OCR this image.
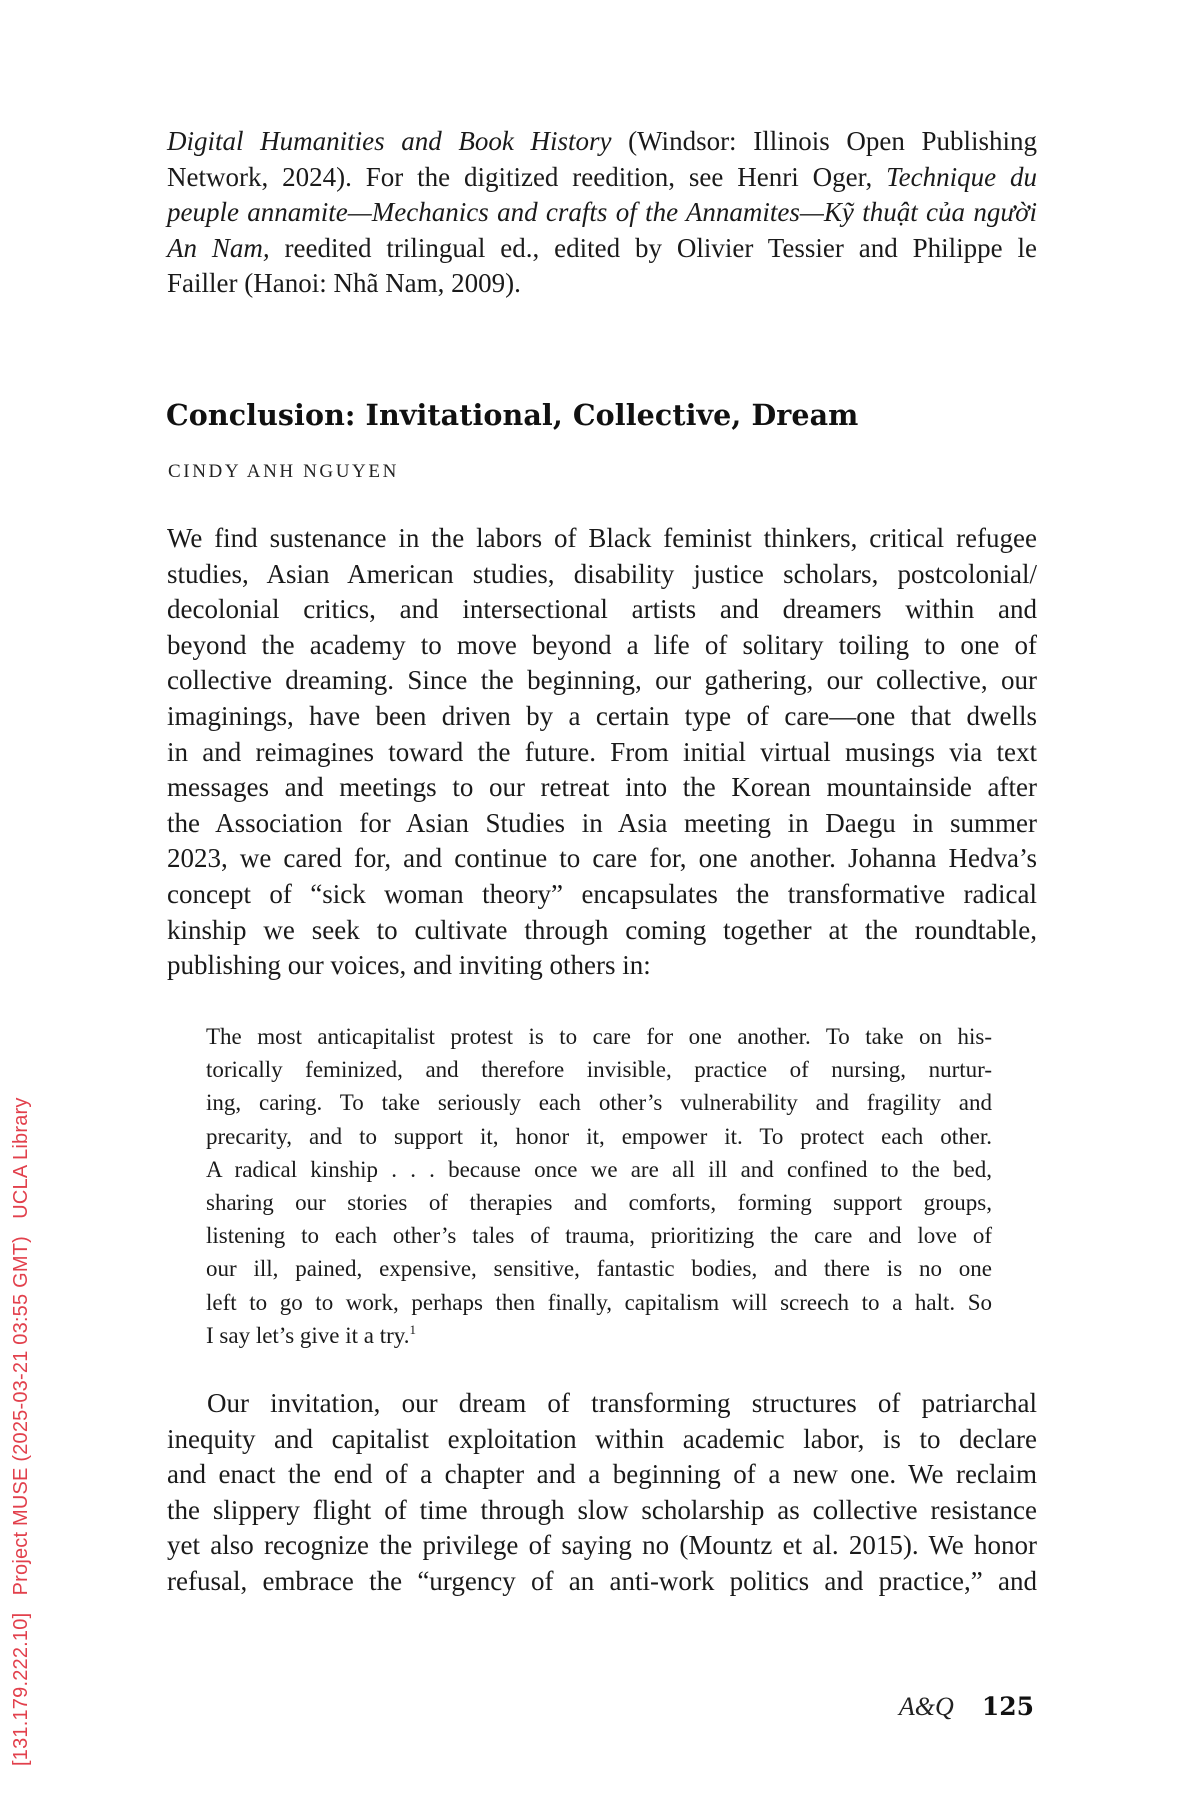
Digital Humanities and Book History (Windsor: Illinois Open Publishing
Network, 2024). For the digitized reedition, see Henri Oger, Technique du
peuple annamite—Mechanics and crafts of the Annamites—Kỹ thuật của người
An Nam, reedited trilingual ed., edited by Olivier Tessier and Philippe le
Failler (Hanoi: Nhã Nam, 2009).
Conclusion: Invitational, Collective, Dream
CINDY ANH NGUYEN
We find sustenance in the labors of Black feminist thinkers, critical refugee
studies, Asian American studies, disability justice scholars, postcolonial/
decolonial critics, and intersectional artists and dreamers within and
beyond the academy to move beyond a life of solitary toiling to one of
collective dreaming. Since the beginning, our gathering, our collective, our
imaginings, have been driven by a certain type of care—one that dwells
in and reimagines toward the future. From initial virtual musings via text
messages and meetings to our retreat into the Korean mountainside after
the Association for Asian Studies in Asia meeting in Daegu in summer
2023, we cared for, and continue to care for, one another. Johanna Hedva’s
concept of “sick woman theory” encapsulates the transformative radical
kinship we seek to cultivate through coming together at the roundtable,
publishing our voices, and inviting others in:
The most anticapitalist protest is to care for one another. To take on his-
torically feminized, and therefore invisible, practice of nursing, nurtur-
ing, caring. To take seriously each other’s vulnerability and fragility and
precarity, and to support it, honor it, empower it. To protect each other.
A radical kinship . . . because once we are all ill and confined to the bed,
sharing our stories of therapies and comforts, forming support groups,
listening to each other’s tales of trauma, prioritizing the care and love of
our ill, pained, expensive, sensitive, fantastic bodies, and there is no one
left to go to work, perhaps then finally, capitalism will screech to a halt. So
I say let’s give it a try.$^1$
Our invitation, our dream of transforming structures of patriarchal
inequity and capitalist exploitation within academic labor, is to declare
and enact the end of a chapter and a beginning of a new one. We reclaim
the slippery flight of time through slow scholarship as collective resistance
yet also recognize the privilege of saying no (Mountz et al. 2015). We honor
refusal, embrace the “urgency of an anti-work politics and practice,” and
A&Q 125
[131.179.222.10]   Project MUSE (2025-03-21 03:55 GMT)   UCLA Library
